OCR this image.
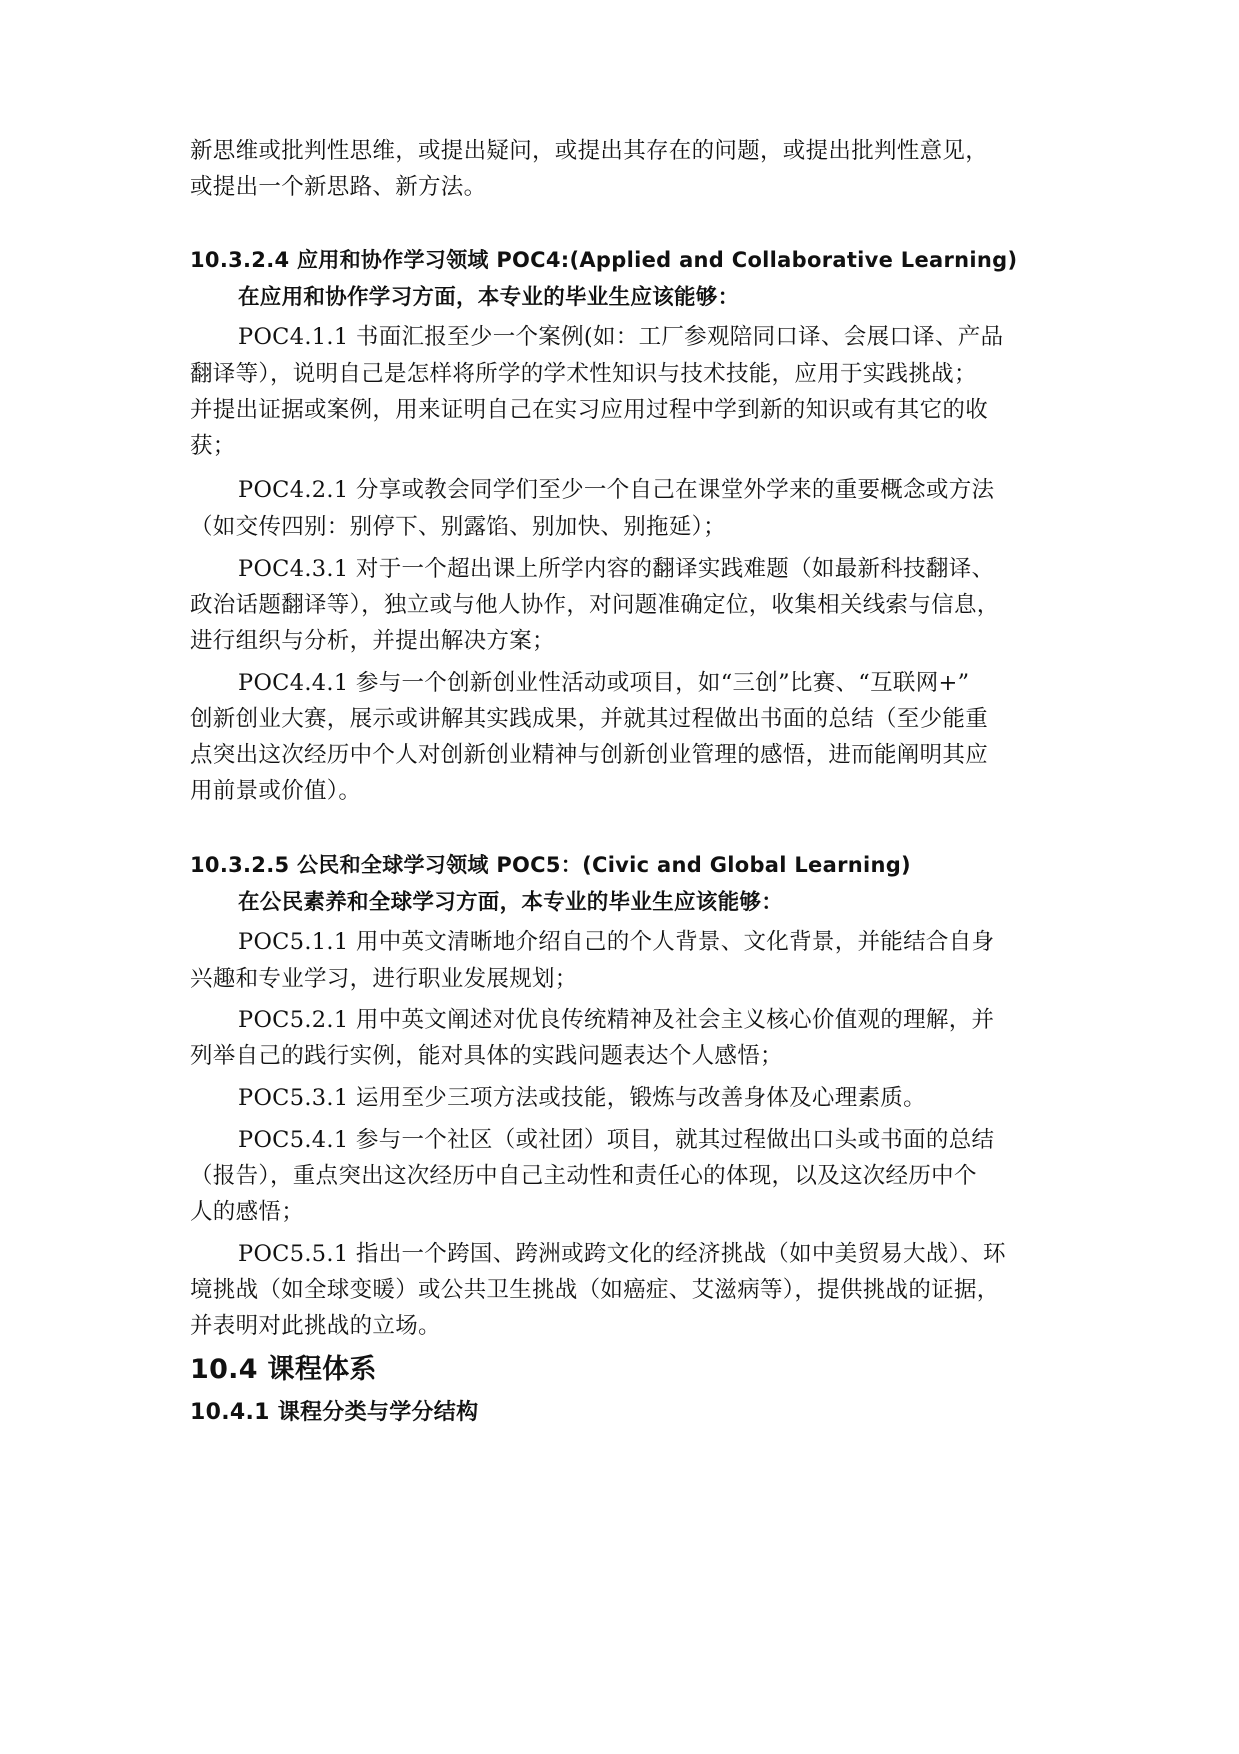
新思维或批判性思维，或提出疑问，或提出其存在的问题，或提出批判性意见，
或提出一个新思路、新方法。
10.3.2.4 应用和协作学习领域 POC4:(Applied and Collaborative Learning)
在应用和协作学习方面，本专业的毕业生应该能够：
POC4.1.1 书面汇报至少一个案例(如：工厂参观陪同口译、会展口译、产品
翻译等），说明自己是怎样将所学的学术性知识与技术技能，应用于实践挑战；
并提出证据或案例，用来证明自己在实习应用过程中学到新的知识或有其它的收
获；
POC4.2.1 分享或教会同学们至少一个自己在课堂外学来的重要概念或方法
（如交传四别：别停下、别露馅、别加快、别拖延）；
POC4.3.1 对于一个超出课上所学内容的翻译实践难题（如最新科技翻译、
政治话题翻译等），独立或与他人协作，对问题准确定位，收集相关线索与信息，
进行组织与分析，并提出解决方案；
POC4.4.1 参与一个创新创业性活动或项目，如“三创”比赛、“互联网+”
创新创业大赛，展示或讲解其实践成果，并就其过程做出书面的总结（至少能重
点突出这次经历中个人对创新创业精神与创新创业管理的感悟，进而能阐明其应
用前景或价值）。
10.3.2.5 公民和全球学习领域 POC5：(Civic and Global Learning)
在公民素养和全球学习方面，本专业的毕业生应该能够：
POC5.1.1 用中英文清晰地介绍自己的个人背景、文化背景，并能结合自身
兴趣和专业学习，进行职业发展规划；
POC5.2.1 用中英文阐述对优良传统精神及社会主义核心价值观的理解，并
列举自己的践行实例，能对具体的实践问题表达个人感悟；
POC5.3.1 运用至少三项方法或技能，锻炼与改善身体及心理素质。
POC5.4.1 参与一个社区（或社团）项目，就其过程做出口头或书面的总结
（报告），重点突出这次经历中自己主动性和责任心的体现，以及这次经历中个
人的感悟；
POC5.5.1 指出一个跨国、跨洲或跨文化的经济挑战（如中美贸易大战）、环
境挑战（如全球变暖）或公共卫生挑战（如癌症、艾滋病等），提供挑战的证据，
并表明对此挑战的立场。
10.4 课程体系
10.4.1 课程分类与学分结构
